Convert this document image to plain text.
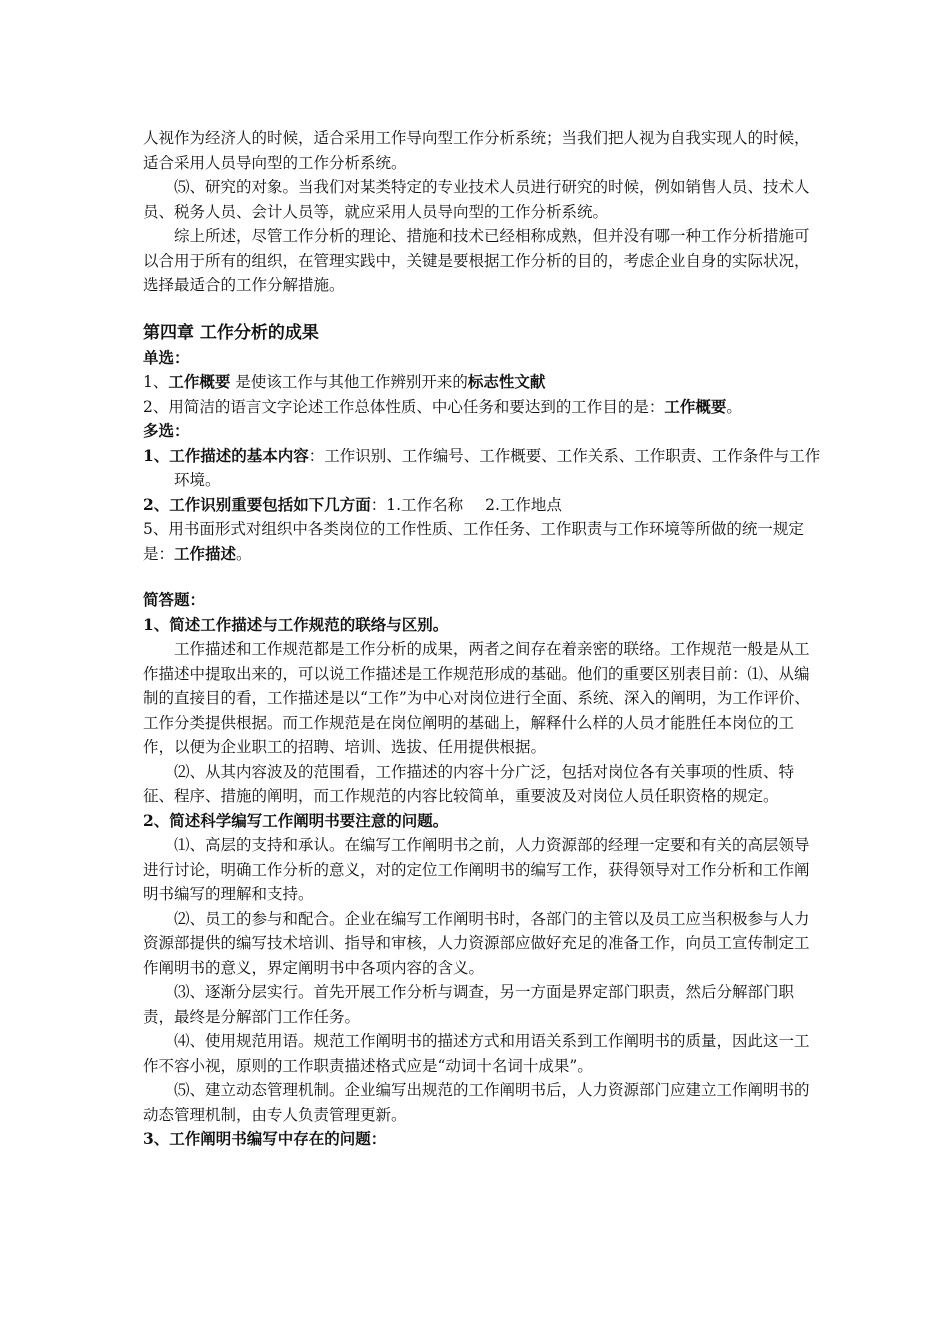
人视作为经济人的时候，适合采用工作导向型工作分析系统；当我们把人视为自我实现人的时候，适合采用人员导向型的工作分析系统。

⑸、研究的对象。当我们对某类特定的专业技术人员进行研究的时候，例如销售人员、技术人员、税务人员、会计人员等，就应采用人员导向型的工作分析系统。

综上所述，尽管工作分析的理论、措施和技术已经相称成熟，但并没有哪一种工作分析措施可以合用于所有的组织，在管理实践中，关键是要根据工作分析的目的，考虑企业自身的实际状况，选择最适合的工作分解措施。

第四章 工作分析的成果

单选：

1、工作概要 是使该工作与其他工作辨别开来的标志性文献

2、用简洁的语言文字论述工作总体性质、中心任务和要达到的工作目的是：工作概要。

多选：

1、工作描述的基本内容：工作识别、工作编号、工作概要、工作关系、工作职责、工作条件与工作环境。

2、工作识别重要包括如下几方面：1.工作名称 2.工作地点

5、用书面形式对组织中各类岗位的工作性质、工作任务、工作职责与工作环境等所做的统一规定是：工作描述。

简答题：

1、简述工作描述与工作规范的联络与区别。

工作描述和工作规范都是工作分析的成果，两者之间存在着亲密的联络。工作规范一般是从工作描述中提取出来的，可以说工作描述是工作规范形成的基础。他们的重要区别表目前：⑴、从编制的直接目的看，工作描述是以“工作”为中心对岗位进行全面、系统、深入的阐明，为工作评价、工作分类提供根据。而工作规范是在岗位阐明的基础上，解释什么样的人员才能胜任本岗位的工作，以便为企业职工的招聘、培训、选拔、任用提供根据。

⑵、从其内容波及的范围看，工作描述的内容十分广泛，包括对岗位各有关事项的性质、特征、程序、措施的阐明，而工作规范的内容比较简单，重要波及对岗位人员任职资格的规定。

2、简述科学编写工作阐明书要注意的问题。

⑴、高层的支持和承认。在编写工作阐明书之前，人力资源部的经理一定要和有关的高层领导进行讨论，明确工作分析的意义，对的定位工作阐明书的编写工作，获得领导对工作分析和工作阐明书编写的理解和支持。

⑵、员工的参与和配合。企业在编写工作阐明书时，各部门的主管以及员工应当积极参与人力资源部提供的编写技术培训、指导和审核，人力资源部应做好充足的准备工作，向员工宣传制定工作阐明书的意义，界定阐明书中各项内容的含义。

⑶、逐渐分层实行。首先开展工作分析与调查，另一方面是界定部门职责，然后分解部门职责，最终是分解部门工作任务。

⑷、使用规范用语。规范工作阐明书的描述方式和用语关系到工作阐明书的质量，因此这一工作不容小视，原则的工作职责描述格式应是“动词十名词十成果”。

⑸、建立动态管理机制。企业编写出规范的工作阐明书后，人力资源部门应建立工作阐明书的动态管理机制，由专人负责管理更新。

3、工作阐明书编写中存在的问题：
